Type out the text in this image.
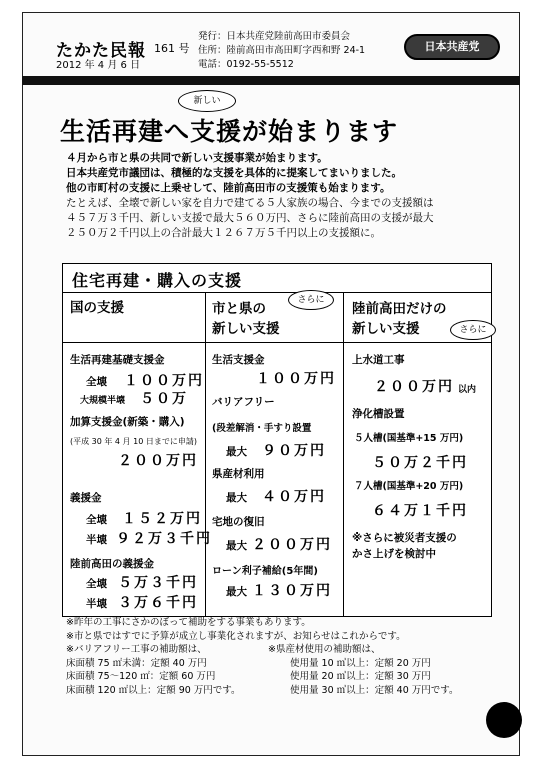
たかた民報 161 号
2012 年 4 月 6 日
発行：日本共産党陸前高田市委員会
住所：陸前高田市高田町字西和野 24-1
電話：0192-55-5512
日本共産党
新しい
生活再建へ支援が始まります
４月から市と県の共同で新しい支援事業が始まります。
日本共産党市議団は、積極的な支援を具体的に提案してまいりました。
他の市町村の支援に上乗せして、陸前高田市の支援策も始まります。
たとえば、全壊で新しい家を自力で建てる５人家族の場合、今までの支援額は
４５７万３千円、新しい支援で最大５６０万円、さらに陸前高田の支援が最大
２５０万２千円以上の合計最大１２６７万５千円以上の支援額に。
住宅再建・購入の支援
国の支援	市と県の
新しい支援
さらに
陸前高田だけの
新しい支援	さらに
生活再建基礎支援金
全壊 １００万円
大規模半壊 ５０万
加算支援金(新築・購入)
(平成 30 年 4 月 10 日までに申請)
２００万円
義援金
全壊 １５２万円
半壊 ９２万３千円
陸前高田の義援金
全壊 ５万３千円
半壊 ３万６千円
生活支援金
１００万円
バリアフリー
(段差解消・手すり設置
最大 ９０万円
県産材利用
最大 ４０万円
宅地の復旧
最大 ２００万円
ローン利子補給(5年間)
最大 １３０万円
上水道工事
２００万円 以内
浄化槽設置
５人槽(国基準+15 万円)
５０万２千円
７人槽(国基準+20 万円)
６４万１千円
※さらに被災者支援の
かさ上げを検討中
※昨年の工事にさかのぼって補助をする事業もあります。
※市と県ではすでに予算が成立し事業化されますが、お知らせはこれからです。
※バリアフリー工事の補助額は、
床面積 75 ㎡未満：定額 40 万円
床面積 75〜120 ㎡：定額 60 万円
床面積 120 ㎡以上：定額 90 万円です。
※県産材使用の補助額は、
使用量 10 ㎥以上：定額 20 万円
使用量 20 ㎥以上：定額 30 万円
使用量 30 ㎥以上：定額 40 万円です。
